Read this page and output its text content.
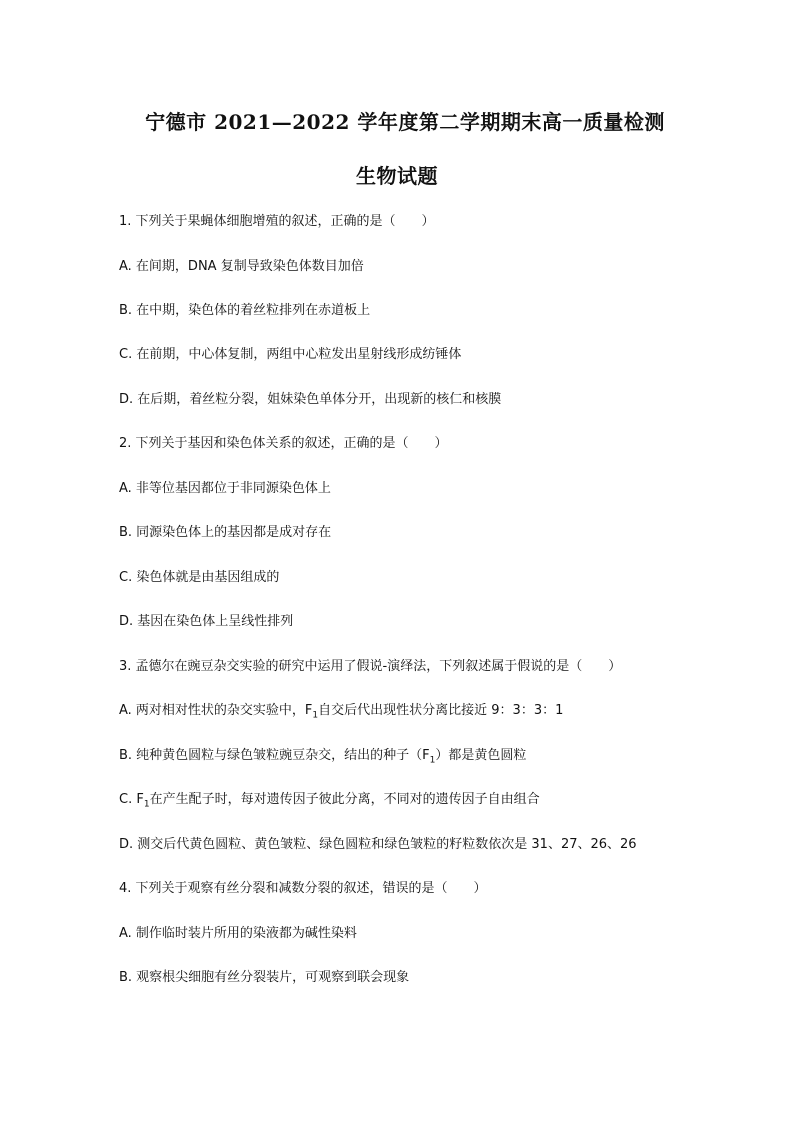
宁德市 2021—2022 学年度第二学期期末高一质量检测
生物试题
1. 下列关于果蝇体细胞增殖的叙述，正确的是（　　）
A. 在间期，DNA 复制导致染色体数目加倍
B. 在中期，染色体的着丝粒排列在赤道板上
C. 在前期，中心体复制，两组中心粒发出星射线形成纺锤体
D. 在后期，着丝粒分裂，姐妹染色单体分开，出现新的核仁和核膜
2. 下列关于基因和染色体关系的叙述，正确的是（　　）
A. 非等位基因都位于非同源染色体上
B. 同源染色体上的基因都是成对存在
C. 染色体就是由基因组成的
D. 基因在染色体上呈线性排列
3. 孟德尔在豌豆杂交实验的研究中运用了假说-演绎法，下列叙述属于假说的是（　　）
A. 两对相对性状的杂交实验中，$F_1$自交后代出现性状分离比接近 9：3：3：1
B. 纯种黄色圆粒与绿色皱粒豌豆杂交，结出的种子$(F_1)$都是黄色圆粒
C. $F_1$在产生配子时，每对遗传因子彼此分离，不同对的遗传因子自由组合
D. 测交后代黄色圆粒、黄色皱粒、绿色圆粒和绿色皱粒的籽粒数依次是 31、27、26、26
4. 下列关于观察有丝分裂和减数分裂的叙述，错误的是（　　）
A. 制作临时装片所用的染液都为碱性染料
B. 观察根尖细胞有丝分裂装片，可观察到联会现象
